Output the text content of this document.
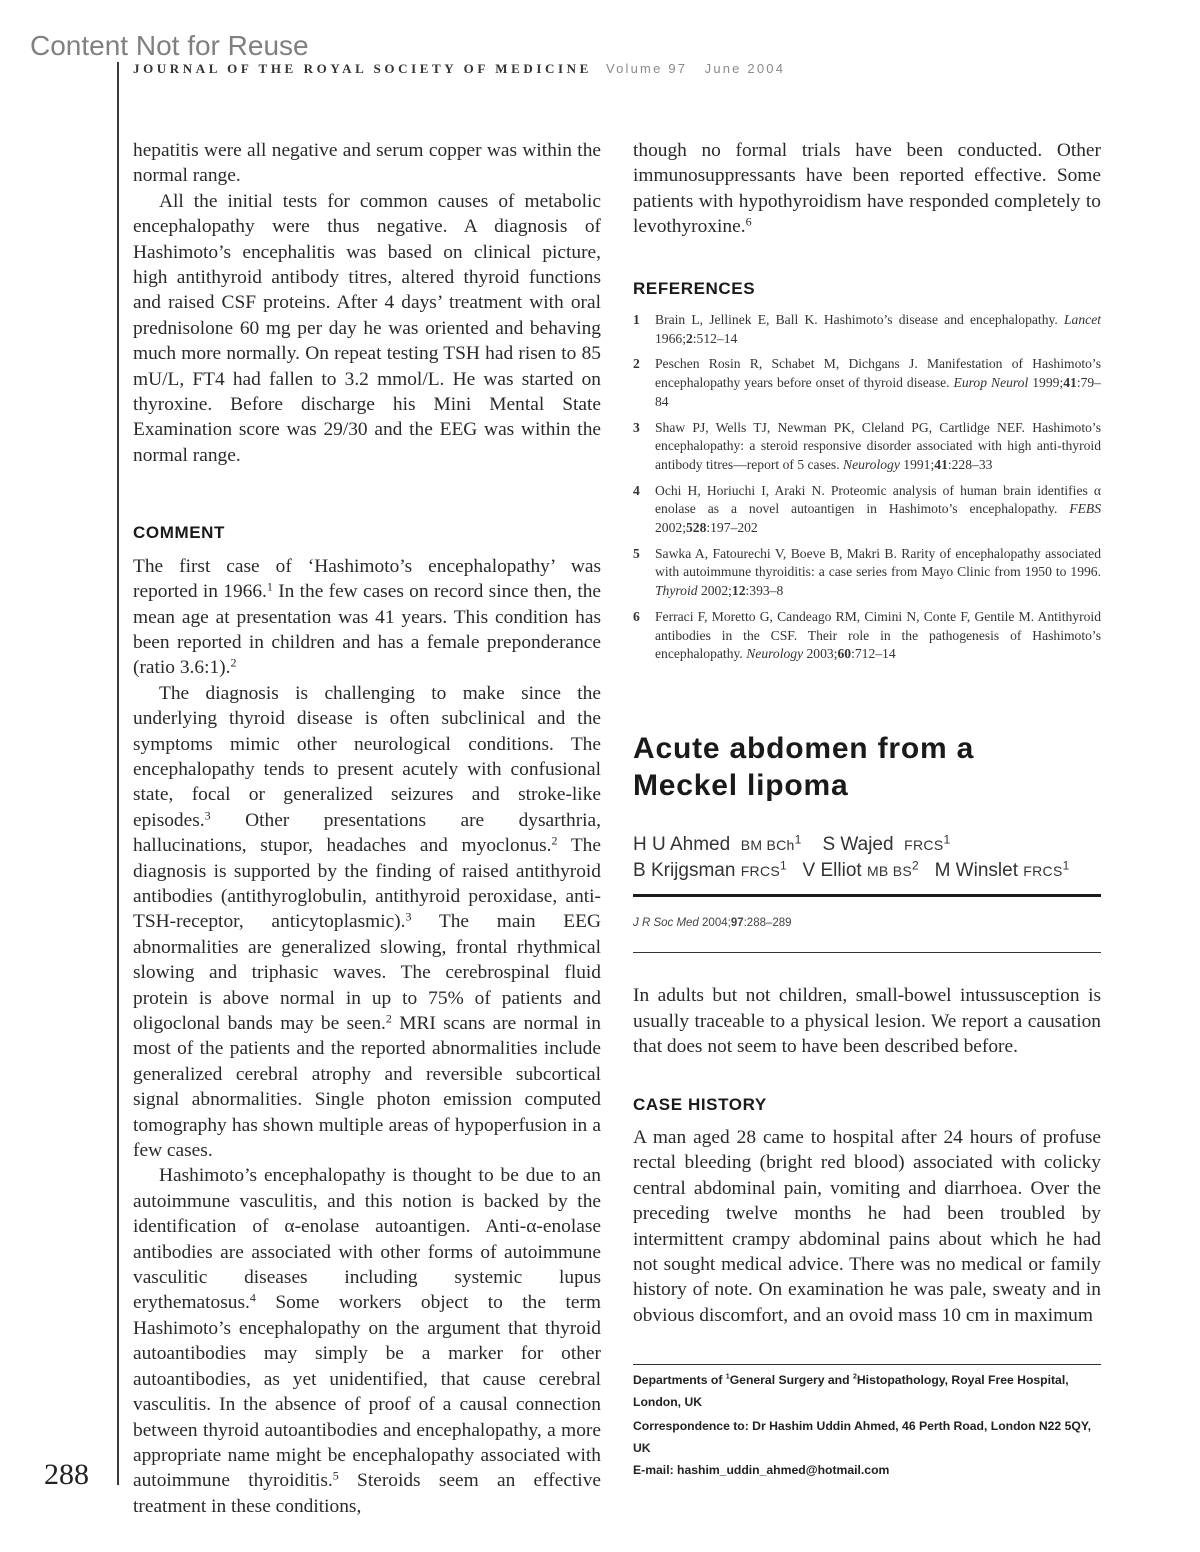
Content Not for Reuse
JOURNAL OF THE ROYAL SOCIETY OF MEDICINE Volume 97   June 2004
288

hepatitis were all negative and serum copper was within the normal range.

All the initial tests for common causes of metabolic encephalopathy were thus negative. A diagnosis of Hashimoto’s encephalitis was based on clinical picture, high antithyroid antibody titres, altered thyroid functions and raised CSF proteins. After 4 days’ treatment with oral prednisolone 60 mg per day he was oriented and behaving much more normally. On repeat testing TSH had risen to 85 mU/L, FT4 had fallen to 3.2 mmol/L. He was started on thyroxine. Before discharge his Mini Mental State Examination score was 29/30 and the EEG was within the normal range.

COMMENT

The first case of ‘Hashimoto’s encephalopathy’ was reported in 1966.$^1$ In the few cases on record since then, the mean age at presentation was 41 years. This condition has been reported in children and has a female preponderance (ratio 3.6:1).$^2$

The diagnosis is challenging to make since the underlying thyroid disease is often subclinical and the symptoms mimic other neurological conditions. The encephalopathy tends to present acutely with confusional state, focal or generalized seizures and stroke-like episodes.$^3$ Other presentations are dysarthria, hallucinations, stupor, headaches and myoclonus.$^2$ The diagnosis is supported by the finding of raised antithyroid antibodies (antithyroglobulin, antithyroid peroxidase, anti-TSH-receptor, anticytoplasmic).$^3$ The main EEG abnormalities are generalized slowing, frontal rhythmical slowing and triphasic waves. The cerebrospinal fluid protein is above normal in up to 75% of patients and oligoclonal bands may be seen.$^2$ MRI scans are normal in most of the patients and the reported abnormalities include generalized cerebral atrophy and reversible subcortical signal abnormalities. Single photon emission computed tomography has shown multiple areas of hypoperfusion in a few cases.

Hashimoto’s encephalopathy is thought to be due to an autoimmune vasculitis, and this notion is backed by the identification of α-enolase autoantigen. Anti-α-enolase antibodies are associated with other forms of autoimmune vasculitic diseases including systemic lupus erythematosus.$^4$ Some workers object to the term Hashimoto’s encephalopathy on the argument that thyroid autoantibodies may simply be a marker for other autoantibodies, as yet unidentified, that cause cerebral vasculitis. In the absence of proof of a causal connection between thyroid autoantibodies and encephalopathy, a more appropriate name might be encephalopathy associated with autoimmune thyroiditis.$^5$ Steroids seem an effective treatment in these conditions,

though no formal trials have been conducted. Other immunosuppressants have been reported effective. Some patients with hypothyroidism have responded completely to levothyroxine.$^6$

REFERENCES
1 Brain L, Jellinek E, Ball K. Hashimoto’s disease and encephalopathy. Lancet 1966;2:512–14
2 Peschen Rosin R, Schabet M, Dichgans J. Manifestation of Hashimoto’s encephalopathy years before onset of thyroid disease. Europ Neurol 1999;41:79–84
3 Shaw PJ, Wells TJ, Newman PK, Cleland PG, Cartlidge NEF. Hashimoto’s encephalopathy: a steroid responsive disorder associated with high anti-thyroid antibody titres—report of 5 cases. Neurology 1991;41:228–33
4 Ochi H, Horiuchi I, Araki N. Proteomic analysis of human brain identifies α enolase as a novel autoantigen in Hashimoto’s encephalopathy. FEBS 2002;528:197–202
5 Sawka A, Fatourechi V, Boeve B, Makri B. Rarity of encephalopathy associated with autoimmune thyroiditis: a case series from Mayo Clinic from 1950 to 1996. Thyroid 2002;12:393–8
6 Ferraci F, Moretto G, Candeago RM, Cimini N, Conte F, Gentile M. Antithyroid antibodies in the CSF. Their role in the pathogenesis of Hashimoto’s encephalopathy. Neurology 2003;60:712–14
Acute abdomen from a
Meckel lipoma
H U Ahmed BM BCh$^1$ S Wajed FRCS$^1$
B Krijgsman FRCS$^1$ V Elliot MB $BS^2$ M Winslet FRCS$^1$
J R Soc Med 2004;97:288–289

In adults but not children, small-bowel intussusception is usually traceable to a physical lesion. We report a causation that does not seem to have been described before.

CASE HISTORY

A man aged 28 came to hospital after 24 hours of profuse rectal bleeding (bright red blood) associated with colicky central abdominal pain, vomiting and diarrhoea. Over the preceding twelve months he had been troubled by intermittent crampy abdominal pains about which he had not sought medical advice. There was no medical or family history of note. On examination he was pale, sweaty and in obvious discomfort, and an ovoid mass 10 cm in maximum

Departments of $^1$General Surgery and $^2$Histopathology, Royal Free Hospital, London, UK
Correspondence to: Dr Hashim Uddin Ahmed, 46 Perth Road, London N22 5QY, UK
E-mail: hashim_uddin_ahmed@hotmail.com
